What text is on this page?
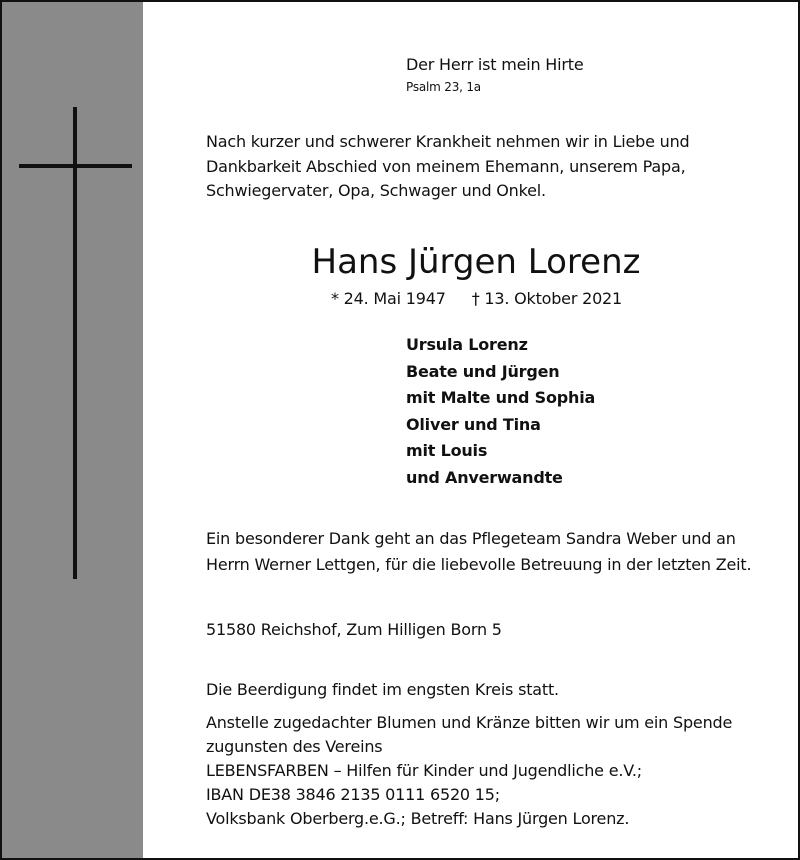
Der Herr ist mein Hirte
Psalm 23, 1a
Nach kurzer und schwerer Krankheit nehmen wir in Liebe und
Dankbarkeit Abschied von meinem Ehemann, unserem Papa,
Schwiegervater, Opa, Schwager und Onkel.
Hans Jürgen Lorenz
* 24. Mai 1947 † 13. Oktober 2021
Ursula Lorenz
Beate und Jürgen
mit Malte und Sophia
Oliver und Tina
mit Louis
und Anverwandte
Ein besonderer Dank geht an das Pflegeteam Sandra Weber und an
Herrn Werner Lettgen, für die liebevolle Betreuung in der letzten Zeit.
51580 Reichshof, Zum Hilligen Born 5
Die Beerdigung findet im engsten Kreis statt.
Anstelle zugedachter Blumen und Kränze bitten wir um ein Spende
zugunsten des Vereins
LEBENSFARBEN – Hilfen für Kinder und Jugendliche e.V.;
IBAN DE38 3846 2135 0111 6520 15;
Volksbank Oberberg.e.G.; Betreff: Hans Jürgen Lorenz.
